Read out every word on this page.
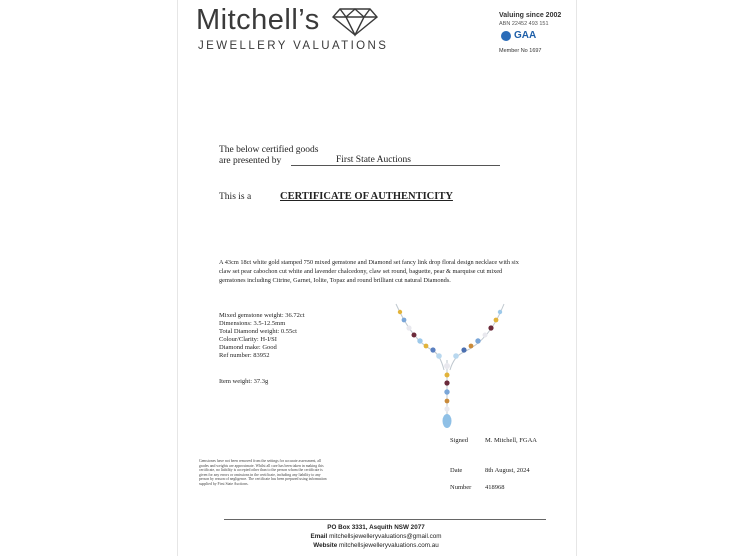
Mitchell’s
JEWELLERY VALUATIONS
Valuing since 2002
ABN 22452 493 151
GAA
Member No 1697
The below certified goods
are presented by	First State Auctions
This is a	CERTIFICATE OF AUTHENTICITY
A 43cm 18ct white gold stamped 750 mixed gemstone and Diamond set fancy link drop floral design necklace with six claw set pear cabochon cut white and lavender chalcedony, claw set round, baguette, pear & marquise cut mixed gemstones including Citrine, Garnet, Iolite, Topaz and round brilliant cut natural Diamonds.
Mixed gemstone weight: 36.72ct
Dimensions: 3.5-12.5mm
Total Diamond weight: 0.55ct
Colour/Clarity: H-I/SI
Diamond make: Good
Ref number: 83952
Item weight: 37.3g
Gemstones have not been removed from the settings for accurate assessment, all grades and weights are approximate. Whilst all care has been taken in making this certificate, no liability is accepted other than to the person whom the certificate is given for any errors or omissions in the certificate, including any liability to any person by reason of negligence. The certificate has been prepared using information supplied by First State Auctions.
Signed	M. Mitchell, FGAA
Date	8th August, 2024
Number 418968
PO Box 3331, Asquith NSW 2077
Email mitchellsjewelleryvaluations@gmail.com
Website mitchellsjewelleryvaluations.com.au
